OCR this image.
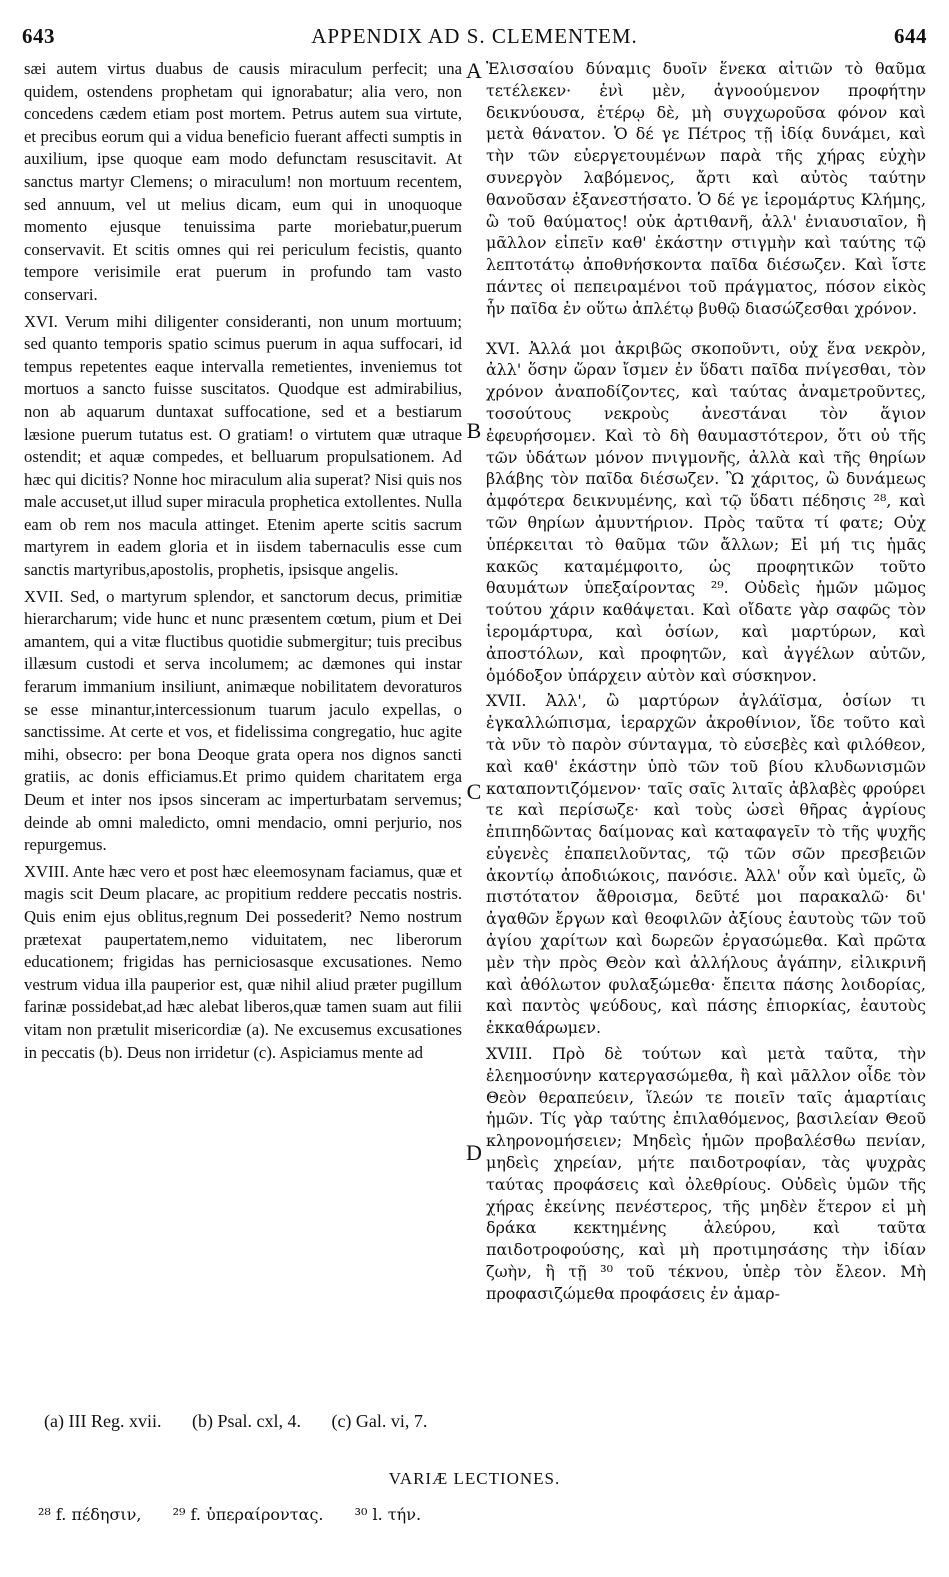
643	APPENDIX AD S. CLEMENTEM.	644

sæi autem virtus duabus de causis miraculum perfecit; una quidem, ostendens prophetam qui ignorabatur; alia vero, non concedens cædem etiam post mortem. Petrus autem sua virtute, et precibus eorum qui a vidua beneficio fuerant affecti sumptis in auxilium, ipse quoque eam modo defunctam resuscitavit. At sanctus martyr Clemens; o miraculum! non mortuum recentem, sed annuum, vel ut melius dicam, eum qui in unoquoque momento ejusque tenuissima parte moriebatur,puerum conservavit. Et scitis omnes qui rei periculum fecistis, quanto tempore verisimile erat puerum in profundo tam vasto conservari.

XVI. Verum mihi diligenter consideranti, non unum mortuum; sed quanto temporis spatio scimus puerum in aqua suffocari, id tempus repetentes eaque intervalla remetientes, inveniemus tot mortuos a sancto fuisse suscitatos. Quodque est admirabilius, non ab aquarum duntaxat suffocatione, sed et a bestiarum læsione puerum tutatus est. O gratiam! o virtutem quæ utraque ostendit; et aquæ compedes, et belluarum propulsationem. Ad hæc qui dicitis? Nonne hoc miraculum alia superat? Nisi quis nos male accuset,ut illud super miracula prophetica extollentes. Nulla eam ob rem nos macula attinget. Etenim aperte scitis sacrum martyrem in eadem gloria et in iisdem tabernaculis esse cum sanctis martyribus,apostolis, prophetis, ipsisque angelis.

XVII. Sed, o martyrum splendor, et sanctorum decus, primitiæ hierarcharum; vide hunc et nunc præsentem cœtum, pium et Dei amantem, qui a vitæ fluctibus quotidie submergitur; tuis precibus illæsum custodi et serva incolumem; ac dæmones qui instar ferarum immanium insiliunt, animæque nobilitatem devoraturos se esse minantur,intercessionum tuarum jaculo expellas, o sanctissime. At certe et vos, et fidelissima congregatio, huc agite mihi, obsecro: per bona Deoque grata opera nos dignos sancti gratiis, ac donis efficiamus.Et primo quidem charitatem erga Deum et inter nos ipsos sinceram ac imperturbatam servemus; deinde ab omni maledicto, omni mendacio, omni perjurio, nos repurgemus.

XVIII. Ante hæc vero et post hæc eleemosynam faciamus, quæ et magis scit Deum placare, ac propitium reddere peccatis nostris. Quis enim ejus oblitus,regnum Dei possederit? Nemo nostrum prætexat paupertatem,nemo viduitatem, nec liberorum educationem; frigidas has perniciosasque excusationes. Nemo vestrum vidua illa pauperior est, quæ nihil aliud præter pugillum farinæ possidebat,ad hæc alebat liberos,quæ tamen suam aut filii vitam non prætulit misericordiæ (a). Ne excusemus excusationes in peccatis (b). Deus non irridetur (c). Aspiciamus mente ad

A
B
C
D

Ἐλισσαίου δύναμις δυοῖν ἕνεκα αἰτιῶν τὸ θαῦμα τετέλεκεν· ἑνὶ μὲν, ἀγνοούμενον προφήτην δεικνύουσα, ἑτέρῳ δὲ, μὴ συγχωροῦσα φόνον καὶ μετὰ θάνατον. Ὁ δέ γε Πέτρος τῇ ἰδίᾳ δυνάμει, καὶ τὴν τῶν εὐεργετουμένων παρὰ τῆς χήρας εὐχὴν συνεργὸν λαβόμενος, ἄρτι καὶ αὐτὸς ταύτην θανοῦσαν ἐξανεστήσατο. Ὁ δέ γε ἱερομάρτυς Κλήμης, ὢ τοῦ θαύματος! οὐκ ἀρτιθανῆ, ἀλλ' ἐνιαυσιαῖον, ἢ μᾶλλον εἰπεῖν καθ' ἑκάστην στιγμὴν καὶ ταύτης τῷ λεπτοτάτῳ ἀποθνήσκοντα παῖδα διέσωζεν. Καὶ ἴστε πάντες οἱ πεπειραμένοι τοῦ πράγματος, πόσον εἰκὸς ἦν παῖδα ἐν οὕτω ἀπλέτῳ βυθῷ διασώζεσθαι χρόνον.

XVI. Ἀλλά μοι ἀκριβῶς σκοποῦντι, οὐχ ἕνα νεκρὸν, ἀλλ' ὅσην ὥραν ἴσμεν ἐν ὕδατι παῖδα πνίγεσθαι, τὸν χρόνον ἀναποδίζοντες, καὶ ταύτας ἀναμετροῦντες, τοσούτους νεκροὺς ἀνεστάναι τὸν ἅγιον ἐφευρήσομεν. Καὶ τὸ δὴ θαυμαστότερον, ὅτι οὐ τῆς τῶν ὑδάτων μόνον πνιγμονῆς, ἀλλὰ καὶ τῆς θηρίων βλάβης τὸν παῖδα διέσωζεν. Ὢ χάριτος, ὢ δυνάμεως ἀμφότερα δεικνυμένης, καὶ τῷ ὕδατι πέδησις ²⁸, καὶ τῶν θηρίων ἀμυντήριον. Πρὸς ταῦτα τί φατε; Οὐχ ὑπέρκειται τὸ θαῦμα τῶν ἄλλων; Εἰ μή τις ἡμᾶς κακῶς καταμέμφοιτο, ὡς προφητικῶν τοῦτο θαυμάτων ὑπεξαίροντας ²⁹. Οὐδεὶς ἡμῶν μῶμος τούτου χάριν καθάψεται. Καὶ οἴδατε γὰρ σαφῶς τὸν ἱερομάρτυρα, καὶ ὁσίων, καὶ μαρτύρων, καὶ ἀποστόλων, καὶ προφητῶν, καὶ ἀγγέλων αὐτῶν, ὁμόδοξον ὑπάρχειν αὐτὸν καὶ σύσκηνον.

XVII. Ἀλλ', ὢ μαρτύρων ἀγλάϊσμα, ὁσίων τι ἐγκαλλώπισμα, ἱεραρχῶν ἀκροθίνιον, ἴδε τοῦτο καὶ τὰ νῦν τὸ παρὸν σύνταγμα, τὸ εὐσεβὲς καὶ φιλόθεον, καὶ καθ' ἑκάστην ὑπὸ τῶν τοῦ βίου κλυδωνισμῶν καταποντιζόμενον· ταῖς σαῖς λιταῖς ἀβλαβὲς φρούρει τε καὶ περίσωζε· καὶ τοὺς ὡσεὶ θῆρας ἀγρίους ἐπιπηδῶντας δαίμονας καὶ καταφαγεῖν τὸ τῆς ψυχῆς εὐγενὲς ἐπαπειλοῦντας, τῷ τῶν σῶν πρεσβειῶν ἀκοντίῳ ἀποδιώκοις, πανόσιε. Ἀλλ' οὖν καὶ ὑμεῖς, ὢ πιστότατον ἄθροισμα, δεῦτέ μοι παρακαλῶ· δι' ἀγαθῶν ἔργων καὶ θεοφιλῶν ἀξίους ἑαυτοὺς τῶν τοῦ ἁγίου χαρίτων καὶ δωρεῶν ἐργασώμεθα. Καὶ πρῶτα μὲν τὴν πρὸς Θεὸν καὶ ἀλλήλους ἀγάπην, εἰλικρινῆ καὶ ἀθόλωτον φυλαξώμεθα· ἔπειτα πάσης λοιδορίας, καὶ παντὸς ψεύδους, καὶ πάσης ἐπιορκίας, ἑαυτοὺς ἐκκαθάρωμεν.

XVIII. Πρὸ δὲ τούτων καὶ μετὰ ταῦτα, τὴν ἐλεημοσύνην κατεργασώμεθα, ἢ καὶ μᾶλλον οἶδε τὸν Θεὸν θεραπεύειν, ἵλεών τε ποιεῖν ταῖς ἁμαρτίαις ἡμῶν. Τίς γὰρ ταύτης ἐπιλαθόμενος, βασιλείαν Θεοῦ κληρονομήσειεν; Μηδεὶς ἡμῶν προβαλέσθω πενίαν, μηδεὶς χηρείαν, μήτε παιδοτροφίαν, τὰς ψυχρὰς ταύτας προφάσεις καὶ ὀλεθρίους. Οὐδεὶς ὑμῶν τῆς χήρας ἐκείνης πενέστερος, τῆς μηδὲν ἕτερον εἰ μὴ δράκα κεκτημένης ἀλεύρου, καὶ ταῦτα παιδοτροφούσης, καὶ μὴ προτιμησάσης τὴν ἰδίαν ζωὴν, ἢ τῇ ³⁰ τοῦ τέκνου, ὑπὲρ τὸν ἔλεον. Μὴ προφασιζώμεθα προφάσεις ἐν ἁμαρ-

(a) III Reg. xvii. (b) Psal. cxl, 4. (c) Gal. vi, 7.
VARIÆ LECTIONES.
²⁸ f. πέδησιν, ²⁹ f. ὑπεραίροντας. ³⁰ l. τήν.
